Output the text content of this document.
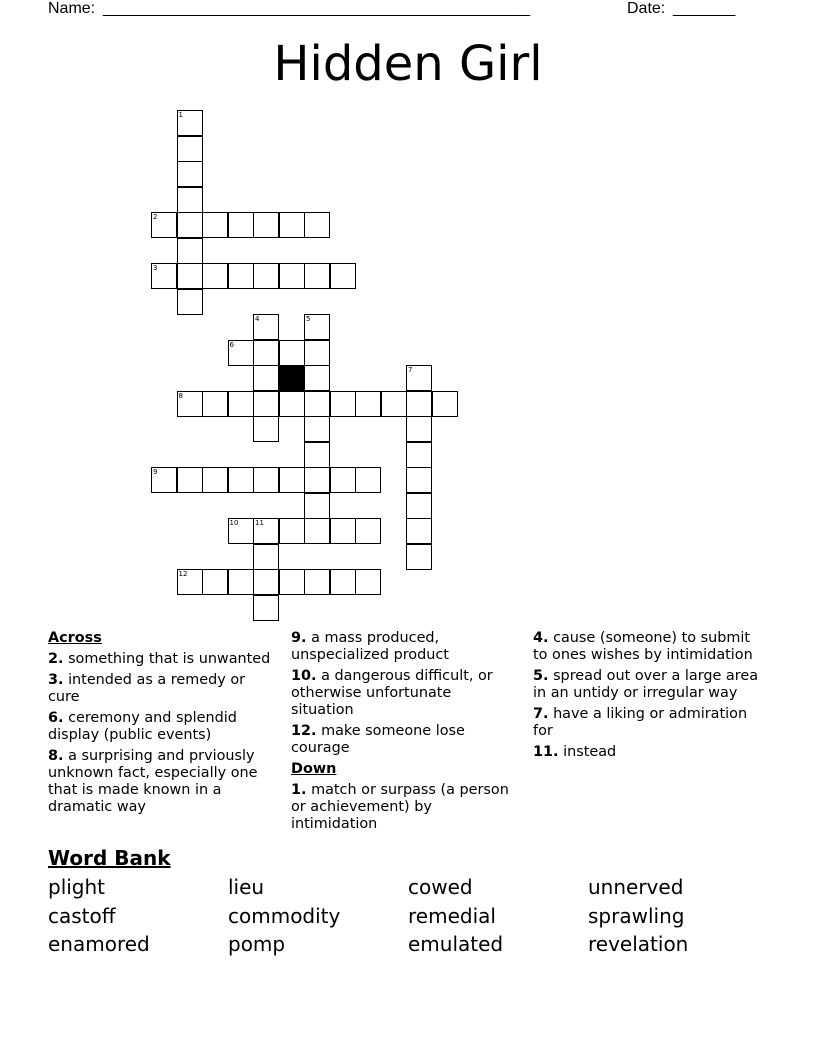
Name: ________________________________________________	Date: _______
Hidden Girl
1
2
3
4	5
6
7
8
9
10 11
12
Across
2. something that is unwanted
3. intended as a remedy or cure
6. ceremony and splendid display (public events)
8. a surprising and prviously unknown fact, especially one that is made known in a dramatic way
9. a mass produced, unspecialized product
10. a dangerous difficult, or otherwise unfortunate situation
12. make someone lose courage
Down
1. match or surpass (a person or achievement) by intimidation
4. cause (someone) to submit to ones wishes by intimidation
5. spread out over a large area in an untidy or irregular way
7. have a liking or admiration for
11. instead
Word Bank
plight	lieu	cowed	unnerved
castoff	commodity	remedial	sprawling
enamored	pomp	emulated	revelation
